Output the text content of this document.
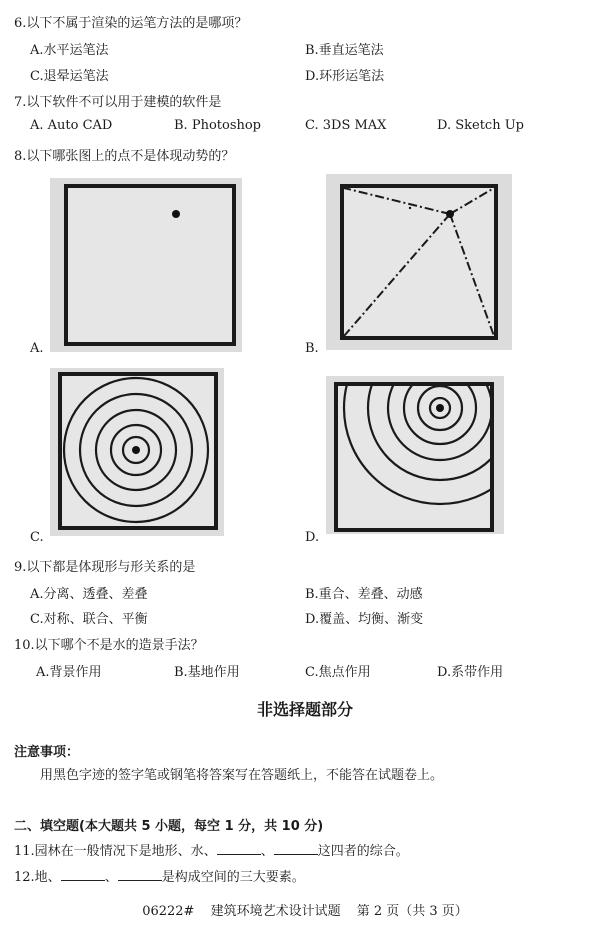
6.以下不属于渲染的运笔方法的是哪项？
A.水平运笔法	B.垂直运笔法
C.退晕运笔法	D.环形运笔法
7.以下软件不可以用于建模的软件是
A. Auto CAD	B. Photoshop	C. 3DS MAX	D. Sketch Up
8.以下哪张图上的点不是体现动势的？
A.	B.
C.	D.
9.以下都是体现形与形关系的是
A.分离、透叠、差叠	B.重合、差叠、动感
C.对称、联合、平衡	D.覆盖、均衡、渐变
10.以下哪个不是水的造景手法？
A.背景作用	B.基地作用	C.焦点作用	D.系带作用
非选择题部分
注意事项：
用黑色字迹的签字笔或钢笔将答案写在答题纸上，不能答在试题卷上。
二、填空题(本大题共 5 小题，每空 1 分，共 10 分)
11.园林在一般情况下是地形、水、	、	这四者的综合。
12.地、	、	是构成空间的三大要素。
06222# 建筑环境艺术设计试题 第 2 页（共 3 页）
